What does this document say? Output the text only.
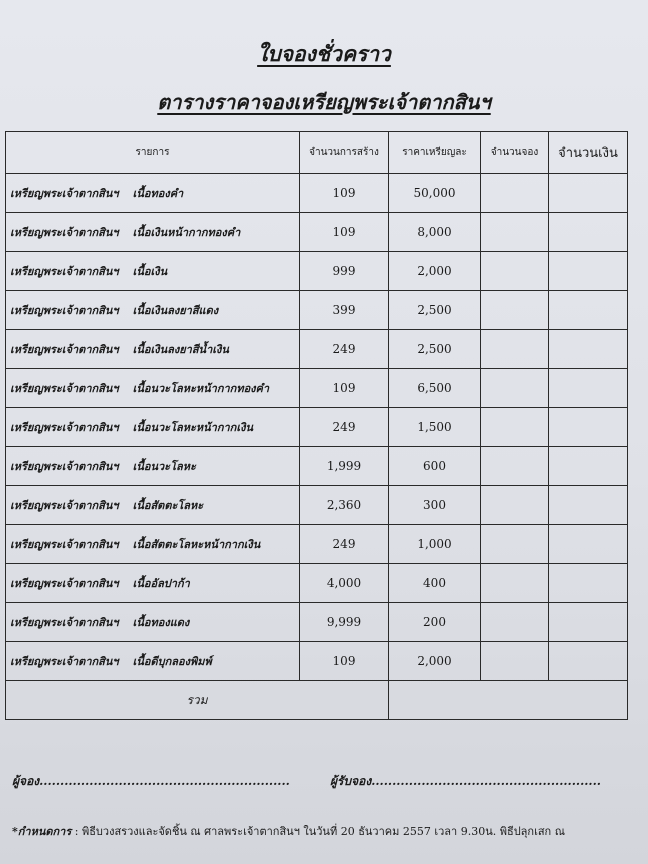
ใบจองชั่วคราว
ตารางราคาจองเหรียญพระเจ้าตากสินฯ
รายการ	จำนวนการสร้าง	ราคาเหรียญละ	จำนวนจอง	จำนวนเงิน
เหรียญพระเจ้าตากสินฯ เนื้อทองคำ	109	50,000		
เหรียญพระเจ้าตากสินฯ เนื้อเงินหน้ากากทองคำ	109	8,000		
เหรียญพระเจ้าตากสินฯ เนื้อเงิน	999	2,000		
เหรียญพระเจ้าตากสินฯ เนื้อเงินลงยาสีแดง	399	2,500		
เหรียญพระเจ้าตากสินฯ เนื้อเงินลงยาสีน้ำเงิน	249	2,500		
เหรียญพระเจ้าตากสินฯ เนื้อนวะโลหะหน้ากากทองคำ	109	6,500		
เหรียญพระเจ้าตากสินฯ เนื้อนวะโลหะหน้ากากเงิน	249	1,500		
เหรียญพระเจ้าตากสินฯ เนื้อนวะโลหะ	1,999	600		
เหรียญพระเจ้าตากสินฯ เนื้อสัตตะโลหะ	2,360	300		
เหรียญพระเจ้าตากสินฯ เนื้อสัตตะโลหะหน้ากากเงิน	249	1,000		
เหรียญพระเจ้าตากสินฯ เนื้ออัลปาก้า	4,000	400		
เหรียญพระเจ้าตากสินฯ เนื้อทองแดง	9,999	200		
เหรียญพระเจ้าตากสินฯ เนื้อดีบุกลองพิมพ์	109	2,000		
รวม				
ผู้จอง............................................................	ผู้รับจอง.......................................................
*กำหนดการ : พิธีบวงสรวงและจัดชิ้น ณ ศาลพระเจ้าตากสินฯ ในวันที่ 20 ธันวาคม 2557 เวลา 9.30น. พิธีปลุกเสก ณ
